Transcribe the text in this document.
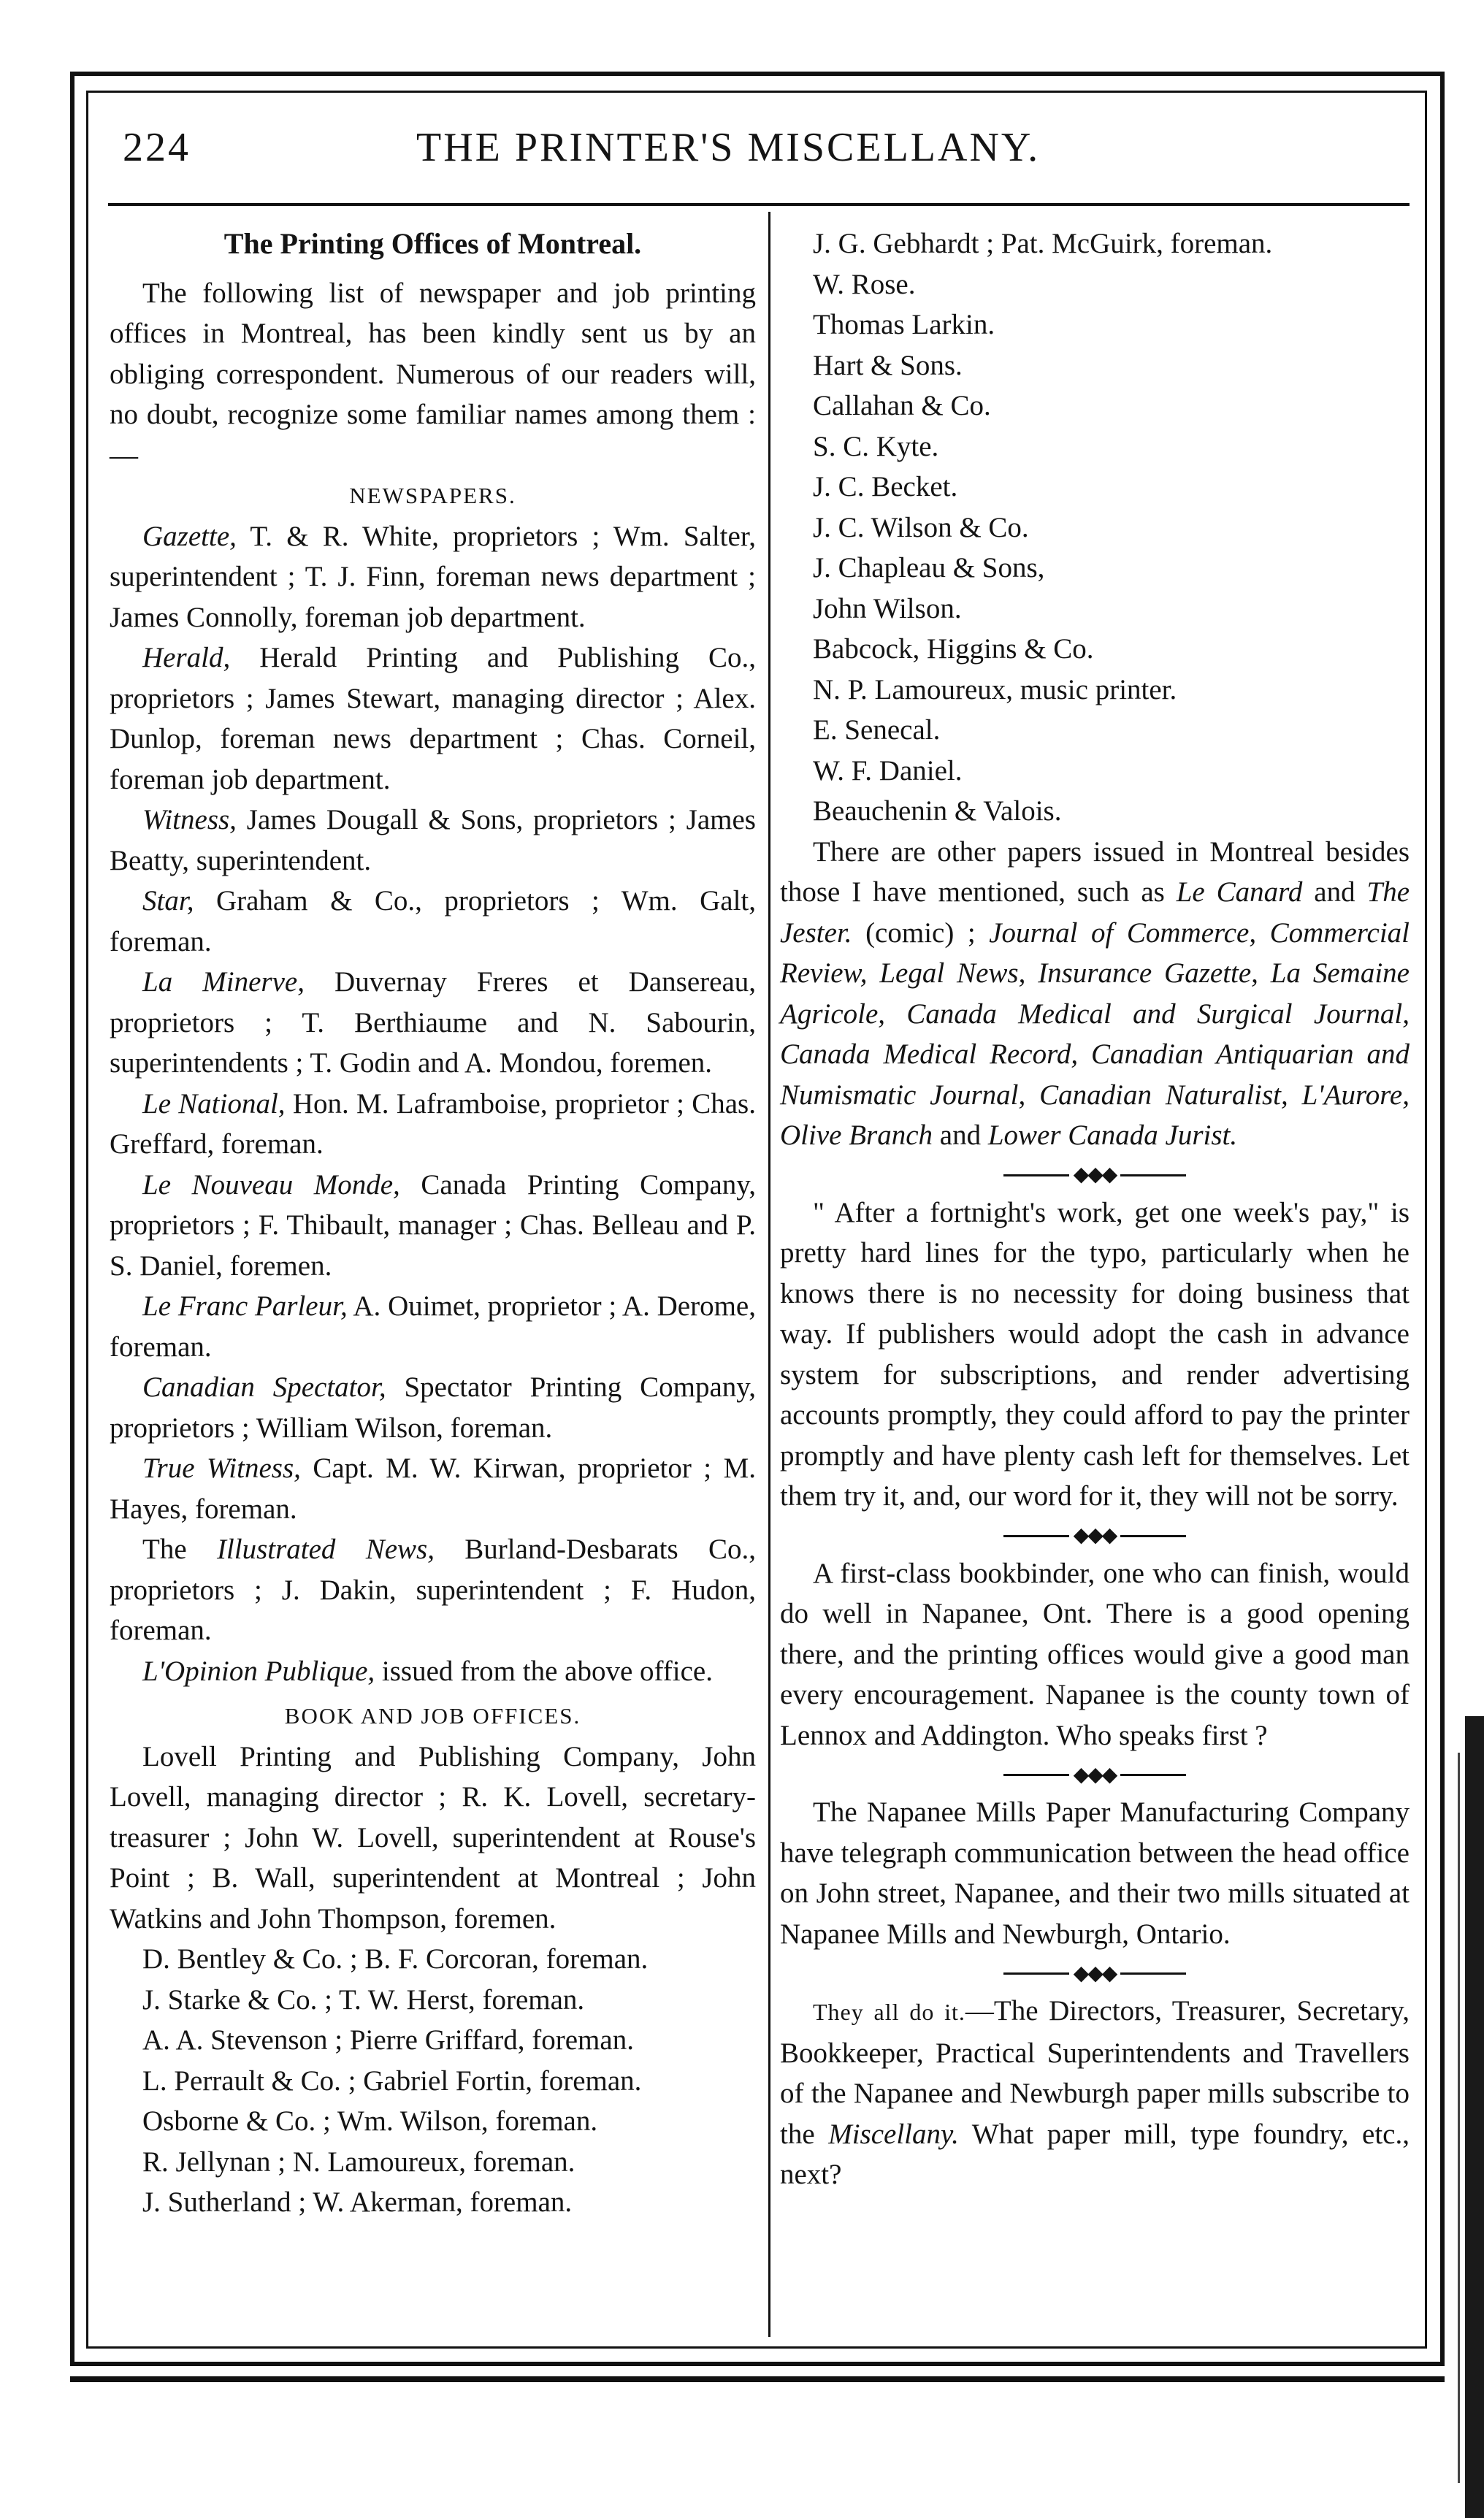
224	THE PRINTER'S MISCELLANY.

The Printing Offices of Montreal.

The following list of newspaper and job printing offices in Montreal, has been kindly sent us by an obliging correspondent. Numerous of our readers will, no doubt, recognize some familiar names among them :—

NEWSPAPERS.

Gazette, T. & R. White, proprietors ; Wm. Salter, superintendent ; T. J. Finn, foreman news department ; James Connolly, foreman job department.

Herald, Herald Printing and Publishing Co., proprietors ; James Stewart, managing director ; Alex. Dunlop, foreman news department ; Chas. Corneil, foreman job department.

Witness, James Dougall & Sons, proprietors ; James Beatty, superintendent.

Star, Graham & Co., proprietors ; Wm. Galt, foreman.

La Minerve, Duvernay Freres et Dansereau, proprietors ; T. Berthiaume and N. Sabourin, superintendents ; T. Godin and A. Mondou, foremen.

Le National, Hon. M. Laframboise, proprietor ; Chas. Greffard, foreman.

Le Nouveau Monde, Canada Printing Company, proprietors ; F. Thibault, manager ; Chas. Belleau and P. S. Daniel, foremen.

Le Franc Parleur, A. Ouimet, proprietor ; A. Derome, foreman.

Canadian Spectator, Spectator Printing Company, proprietors ; William Wilson, foreman.

True Witness, Capt. M. W. Kirwan, proprietor ; M. Hayes, foreman.

The Illustrated News, Burland-Desbarats Co., proprietors ; J. Dakin, superintendent ; F. Hudon, foreman.

L'Opinion Publique, issued from the above office.

BOOK AND JOB OFFICES.

Lovell Printing and Publishing Company, John Lovell, managing director ; R. K. Lovell, secretary-treasurer ; John W. Lovell, superintendent at Rouse's Point ; B. Wall, superintendent at Montreal ; John Watkins and John Thompson, foremen.

D. Bentley & Co. ; B. F. Corcoran, foreman.

J. Starke & Co. ; T. W. Herst, foreman.

A. A. Stevenson ; Pierre Griffard, foreman.

L. Perrault & Co. ; Gabriel Fortin, foreman.

Osborne & Co. ; Wm. Wilson, foreman.

R. Jellynan ; N. Lamoureux, foreman.

J. Sutherland ; W. Akerman, foreman.

J. G. Gebhardt ; Pat. McGuirk, foreman.

W. Rose.

Thomas Larkin.

Hart & Sons.

Callahan & Co.

S. C. Kyte.

J. C. Becket.

J. C. Wilson & Co.

J. Chapleau & Sons,

John Wilson.

Babcock, Higgins & Co.

N. P. Lamoureux, music printer.

E. Senecal.

W. F. Daniel.

Beauchenin & Valois.

There are other papers issued in Montreal besides those I have mentioned, such as Le Canard and The Jester. (comic) ; Journal of Commerce, Commercial Review, Legal News, Insurance Gazette, La Semaine Agricole, Canada Medical and Surgical Journal, Canada Medical Record, Canadian Antiquarian and Numismatic Journal, Canadian Naturalist, L'Aurore, Olive Branch and Lower Canada Jurist.

◆◆◆

" After a fortnight's work, get one week's pay," is pretty hard lines for the typo, particularly when he knows there is no necessity for doing business that way. If publishers would adopt the cash in advance system for subscriptions, and render advertising accounts promptly, they could afford to pay the printer promptly and have plenty cash left for themselves. Let them try it, and, our word for it, they will not be sorry.

◆◆◆

A first-class bookbinder, one who can finish, would do well in Napanee, Ont. There is a good opening there, and the printing offices would give a good man every encouragement. Napanee is the county town of Lennox and Addington. Who speaks first ?

◆◆◆

The Napanee Mills Paper Manufacturing Company have telegraph communication between the head office on John street, Napanee, and their two mills situated at Napanee Mills and Newburgh, Ontario.

◆◆◆

They all do it.—The Directors, Treasurer, Secretary, Bookkeeper, Practical Superintendents and Travellers of the Napanee and Newburgh paper mills subscribe to the Miscellany. What paper mill, type foundry, etc., next?
